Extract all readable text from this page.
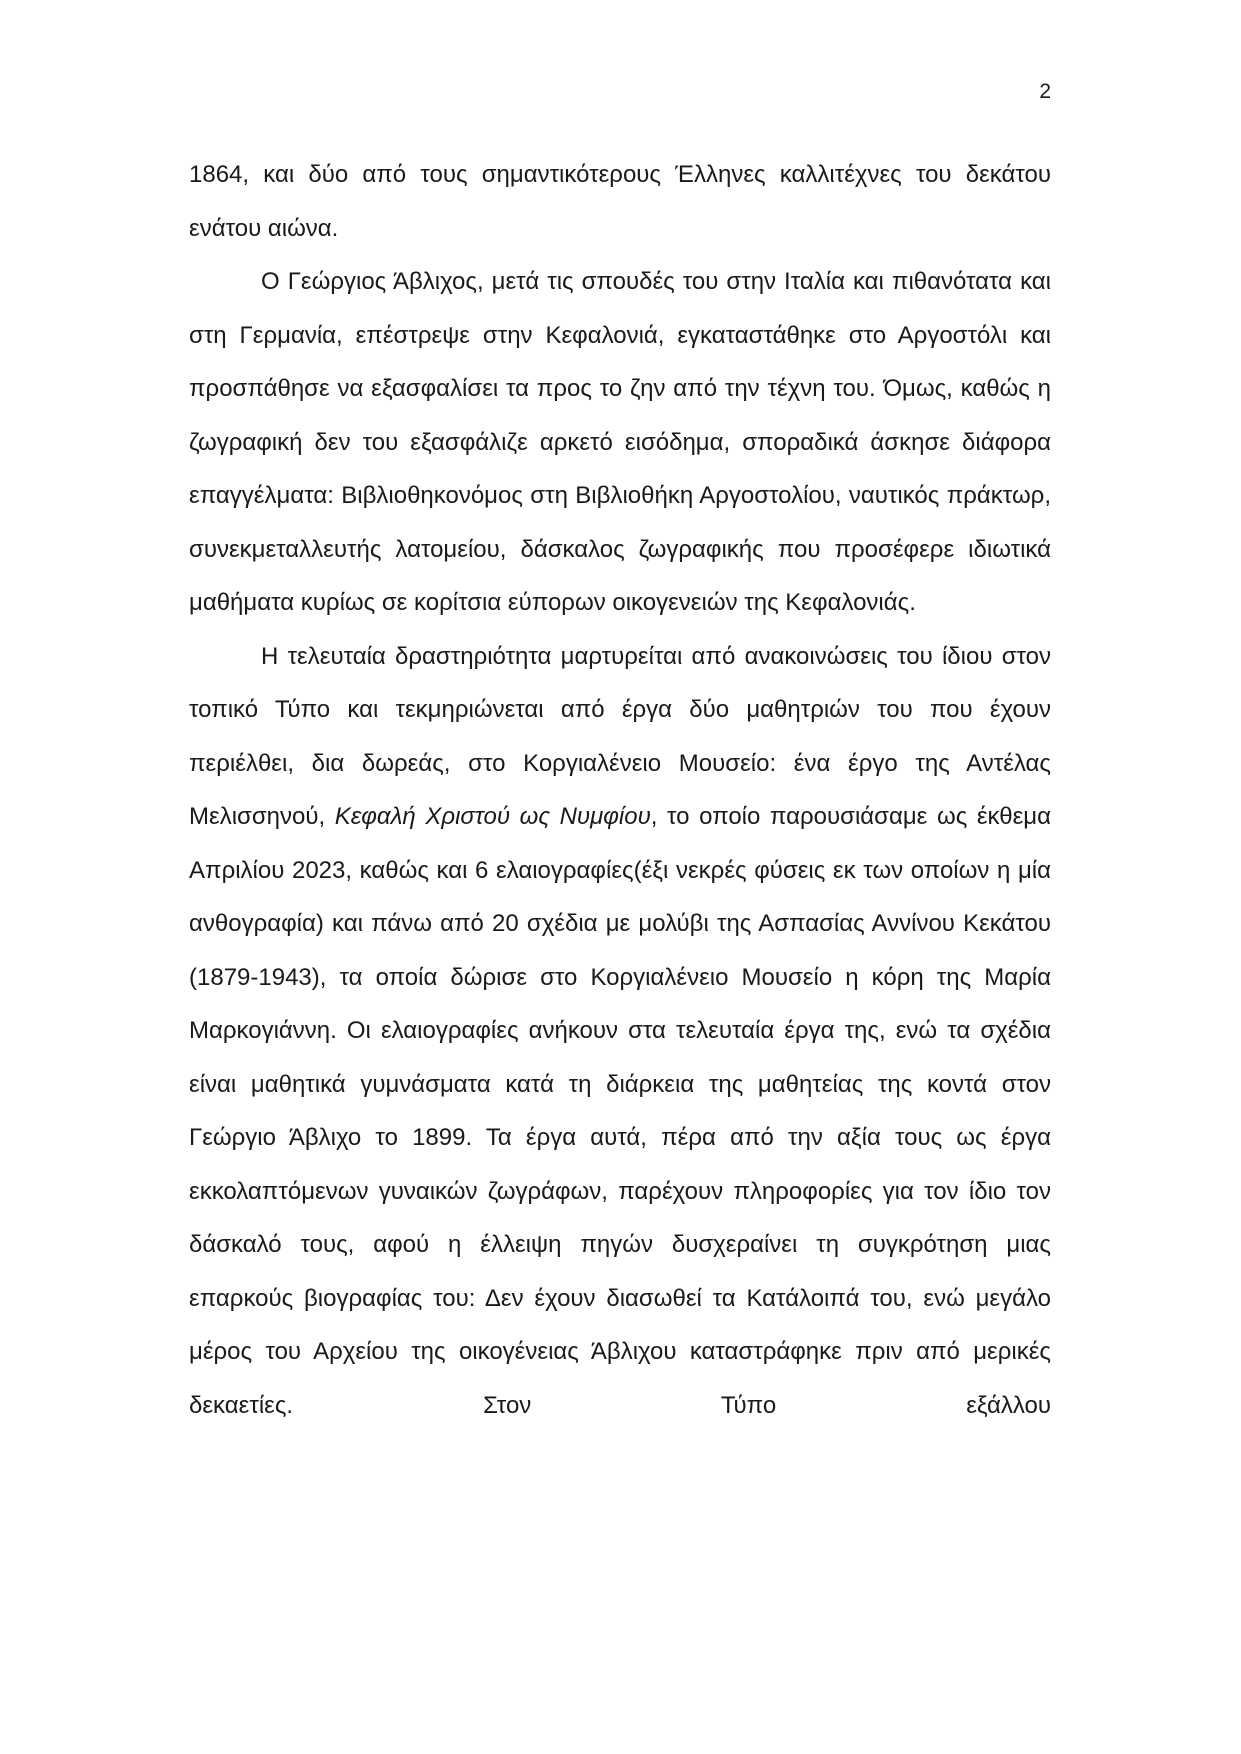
2

1864, και δύο από τους σημαντικότερους Έλληνες καλλιτέχνες του δεκάτου ενάτου αιώνα.

Ο Γεώργιος Άβλιχος, μετά τις σπουδές του στην Ιταλία και πιθανότατα και στη Γερμανία, επέστρεψε στην Κεφαλονιά, εγκαταστάθηκε στο Αργοστόλι και προσπάθησε να εξασφαλίσει τα προς το ζην από την τέχνη του. Όμως, καθώς η ζωγραφική δεν του εξασφάλιζε αρκετό εισόδημα, σποραδικά άσκησε διάφορα επαγγέλματα: Βιβλιοθηκονόμος στη Βιβλιοθήκη Αργοστολίου, ναυτικός πράκτωρ, συνεκμεταλλευτής λατομείου, δάσκαλος ζωγραφικής που προσέφερε ιδιωτικά μαθήματα κυρίως σε κορίτσια εύπορων οικογενειών της Κεφαλονιάς.

Η τελευταία δραστηριότητα μαρτυρείται από ανακοινώσεις του ίδιου στον τοπικό Τύπο και τεκμηριώνεται από έργα δύο μαθητριών του που έχουν περιέλθει, δια δωρεάς, στο Κοργιαλένειο Μουσείο: ένα έργο της Αντέλας Μελισσηνού, Κεφαλή Χριστού ως Νυμφίου, το οποίο παρουσιάσαμε ως έκθεμα Απριλίου 2023, καθώς και 6 ελαιογραφίες(έξι νεκρές φύσεις εκ των οποίων η μία ανθογραφία) και πάνω από 20 σχέδια με μολύβι της Ασπασίας Αννίνου Κεκάτου (1879-1943), τα οποία δώρισε στο Κοργιαλένειο Μουσείο η κόρη της Μαρία Μαρκογιάννη. Οι ελαιογραφίες ανήκουν στα τελευταία έργα της, ενώ τα σχέδια είναι μαθητικά γυμνάσματα κατά τη διάρκεια της μαθητείας της κοντά στον Γεώργιο Άβλιχο το 1899. Τα έργα αυτά, πέρα από την αξία τους ως έργα εκκολαπτόμενων γυναικών ζωγράφων, παρέχουν πληροφορίες για τον ίδιο τον δάσκαλό τους, αφού η έλλειψη πηγών δυσχεραίνει τη συγκρότηση μιας επαρκούς βιογραφίας του: Δεν έχουν διασωθεί τα Κατάλοιπά του, ενώ μεγάλο μέρος του Αρχείου της οικογένειας Άβλιχου καταστράφηκε πριν από μερικές δεκαετίες. Στον Τύπο εξάλλου
